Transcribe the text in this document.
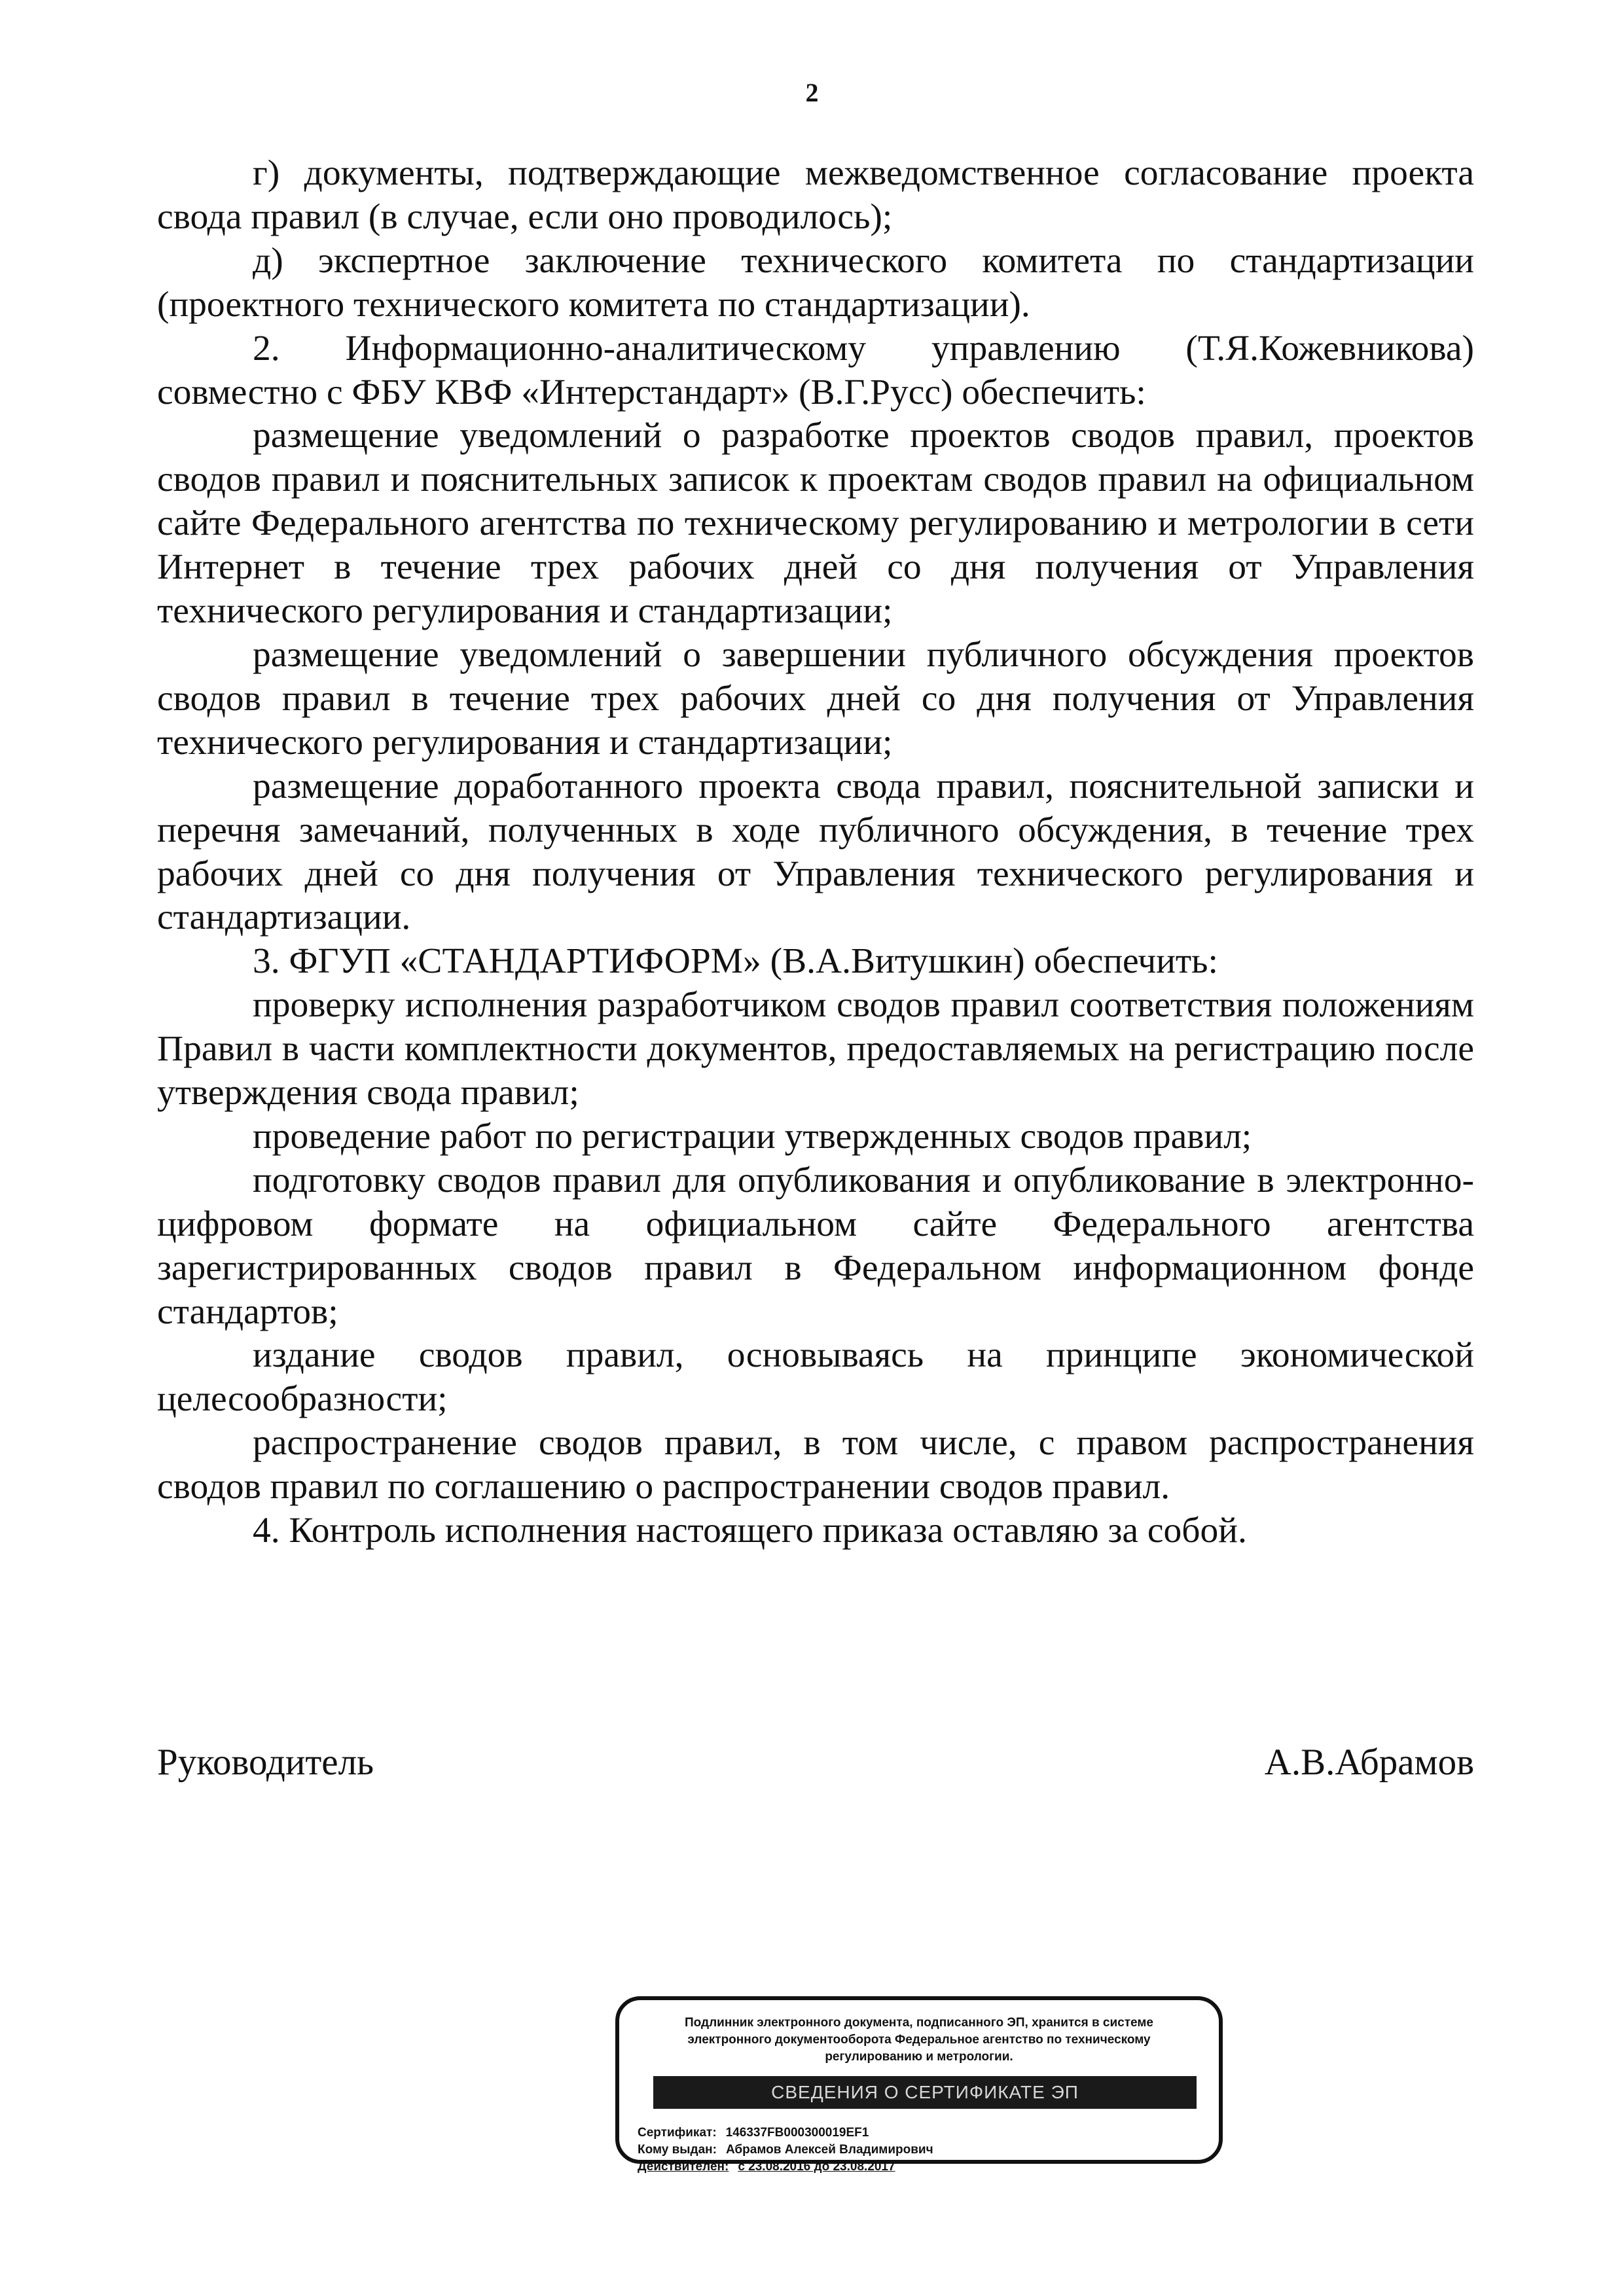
2

г) документы, подтверждающие межведомственное согласование проекта свода правил (в случае, если оно проводилось);

д) экспертное заключение технического комитета по стандартизации (проектного технического комитета по стандартизации).

2. Информационно-аналитическому управлению (Т.Я.Кожевникова) совместно с ФБУ КВФ «Интерстандарт» (В.Г.Русс) обеспечить:

размещение уведомлений о разработке проектов сводов правил, проектов сводов правил и пояснительных записок к проектам сводов правил на официальном сайте Федерального агентства по техническому регулированию и метрологии в сети Интернет в течение трех рабочих дней со дня получения от Управления технического регулирования и стандартизации;

размещение уведомлений о завершении публичного обсуждения проектов сводов правил в течение трех рабочих дней со дня получения от Управления технического регулирования и стандартизации;

размещение доработанного проекта свода правил, пояснительной записки и перечня замечаний, полученных в ходе публичного обсуждения, в течение трех рабочих дней со дня получения от Управления технического регулирования и стандартизации.

3. ФГУП «СТАНДАРТИФОРМ» (В.А.Витушкин) обеспечить:

проверку исполнения разработчиком сводов правил соответствия положениям Правил в части комплектности документов, предоставляемых на регистрацию после утверждения свода правил;

проведение работ по регистрации утвержденных сводов правил;

подготовку сводов правил для опубликования и опубликование в электронно-цифровом формате на официальном сайте Федерального агентства зарегистрированных сводов правил в Федеральном информационном фонде стандартов;

издание сводов правил, основываясь на принципе экономической целесообразности;

распространение сводов правил, в том числе, с правом распространения сводов правил по соглашению о распространении сводов правил.

4. Контроль исполнения настоящего приказа оставляю за собой.

Руководитель	А.В.Абрамов
Подлинник электронного документа, подписанного ЭП, хранится в системе электронного документооборота Федеральное агентство по техническому регулированию и метрологии.
СВЕДЕНИЯ О СЕРТИФИКАТЕ ЭП
Сертификат: 146337FB000300019EF1
Кому выдан: Абрамов Алексей Владимирович
Действителен: с 23.08.2016 до 23.08.2017
